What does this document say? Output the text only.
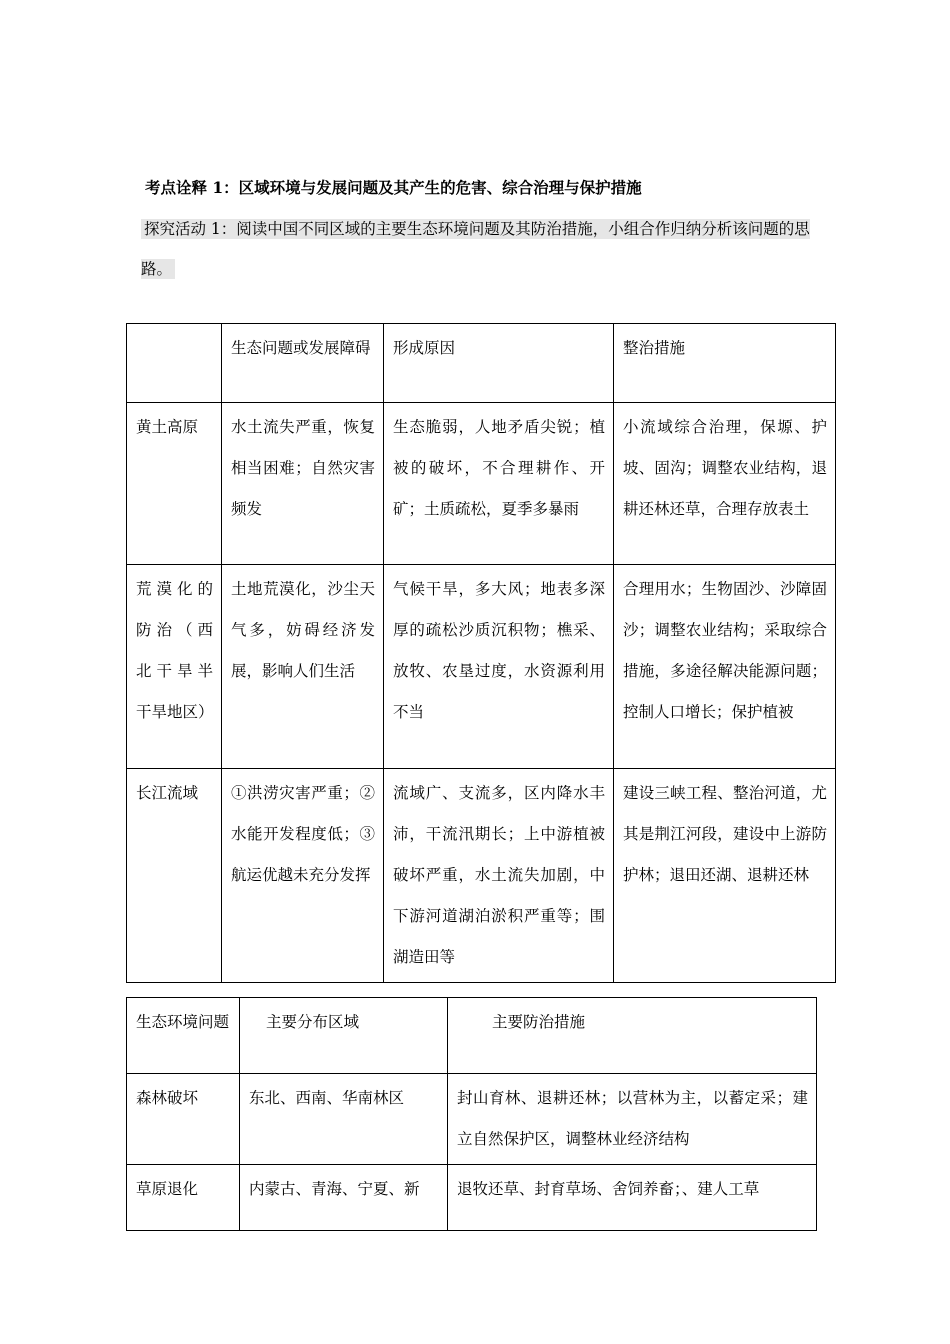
考点诠释 1：区域环境与发展问题及其产生的危害、综合治理与保护措施
探究活动 1：阅读中国不同区域的主要生态环境问题及其防治措施，小组合作归纳分析该问题的思路。

	生态问题或发展障碍	形成原因	整治措施
黄土高原	水土流失严重，恢复相当困难；自然灾害频发	生态脆弱，人地矛盾尖锐；植被的破坏，不合理耕作、开矿；土质疏松，夏季多暴雨	小流域综合治理，保塬、护坡、固沟；调整农业结构，退耕还林还草，合理存放表土

荒漠化的防治（西北干旱半干旱地区）	土地荒漠化，沙尘天气多，妨碍经济发展，影响人们生活	气候干旱，多大风；地表多深厚的疏松沙质沉积物；樵采、放牧、农垦过度，水资源利用不当	合理用水；生物固沙、沙障固沙；调整农业结构；采取综合措施，多途径解决能源问题；控制人口增长；保护植被

长江流域	①洪涝灾害严重；②水能开发程度低；③航运优越未充分发挥	流域广、支流多，区内降水丰沛，干流汛期长；上中游植被破坏严重，水土流失加剧，中下游河道湖泊淤积严重等；围湖造田等	建设三峡工程、整治河道，尤其是荆江河段，建设中上游防护林；退田还湖、退耕还林
生态环境问题	主要分布区域	主要防治措施
森林破坏	东北、西南、华南林区	封山育林、退耕还林；以营林为主，以蓄定采；建立自然保护区，调整林业经济结构

草原退化	内蒙古、青海、宁夏、新	退牧还草、封育草场、舍饲养畜；、建人工草
